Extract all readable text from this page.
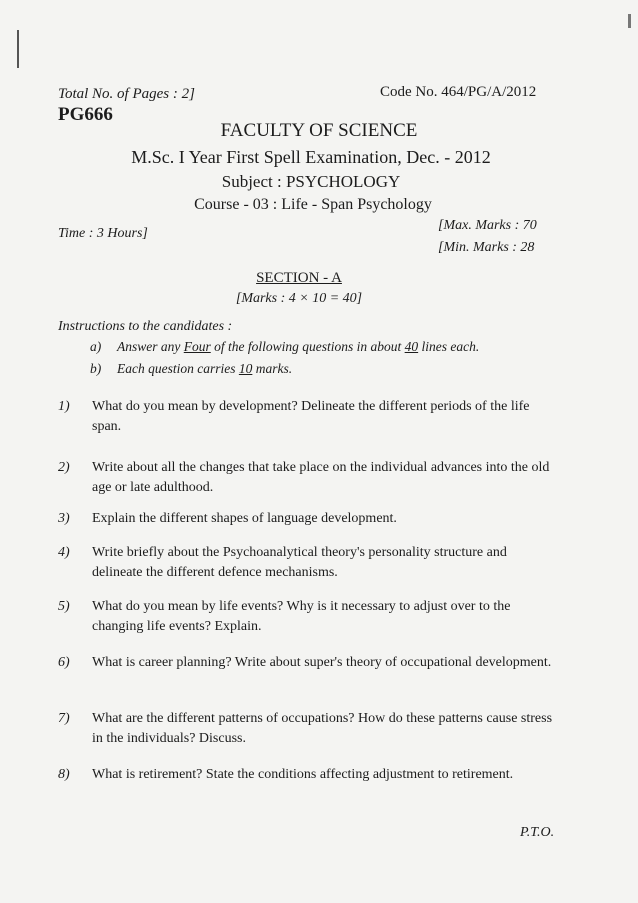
Total No. of Pages : 2]	Code No. 464/PG/A/2012
PG666
FACULTY OF SCIENCE
M.Sc. I Year First Spell Examination, Dec. - 2012
Subject : PSYCHOLOGY
Course - 03 : Life - Span Psychology
Time : 3 Hours]
[Max. Marks : 70
[Min. Marks : 28
SECTION - A
[Marks : 4 × 10 = 40]
Instructions to the candidates :
a) Answer any Four of the following questions in about 40 lines each.
b) Each question carries 10 marks.
1) What do you mean by development? Delineate the different periods of the life span.
2) Write about all the changes that take place on the individual advances into the old age or late adulthood.
3) Explain the different shapes of language development.
4) Write briefly about the Psychoanalytical theory's personality structure and delineate the different defence mechanisms.
5) What do you mean by life events? Why is it necessary to adjust over to the changing life events? Explain.
6) What is career planning? Write about super's theory of occupational development.
7) What are the different patterns of occupations? How do these patterns cause stress in the individuals? Discuss.
8) What is retirement? State the conditions affecting adjustment to retirement.
P.T.O.
